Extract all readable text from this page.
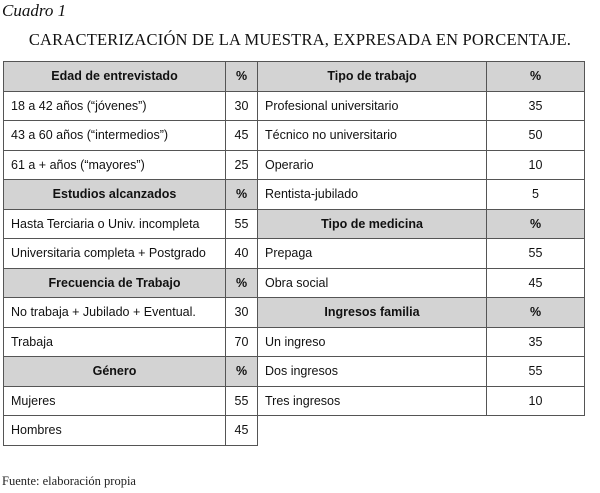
Cuadro 1
CARACTERIZACIÓN DE LA MUESTRA, EXPRESADA EN PORCENTAJE.
Edad de entrevistado	%	Tipo de trabajo	%
18 a 42 años (“jóvenes”)	30	Profesional universitario	35
43 a 60 años (“intermedios”)	45	Técnico no universitario	50
61 a + años (“mayores”)	25	Operario	10
Estudios alcanzados	%	Rentista-jubilado	5
Hasta Terciaria o Univ. incompleta	55	Tipo de medicina	%
Universitaria completa + Postgrado	40	Prepaga	55
Frecuencia de Trabajo	%	Obra social	45
No trabaja + Jubilado + Eventual.	30	Ingresos familia	%
Trabaja	70	Un ingreso	35
Género	%	Dos ingresos	55
Mujeres	55	Tres ingresos	10
Hombres	45		
Fuente: elaboración propia
